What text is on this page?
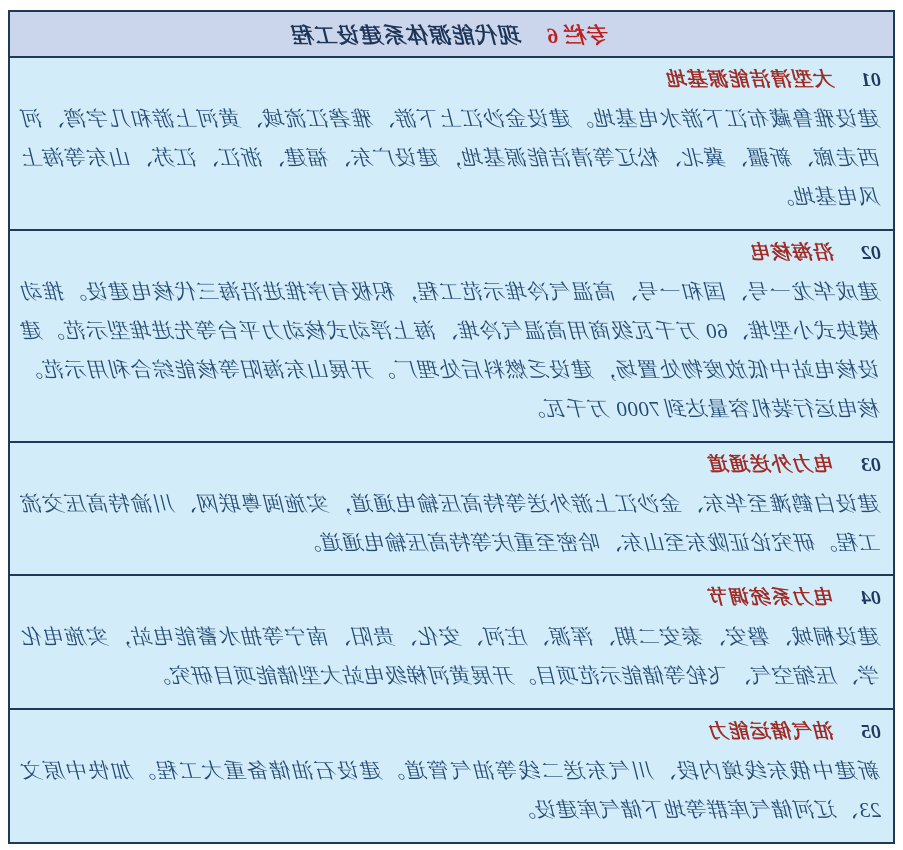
专栏 6
现代能源体系建设工程
01大型清洁能源基地

建设雅鲁藏布江下游水电基地。建设金沙江上下游、雅砻江流域、黄河上游和几字湾、河西走廊、新疆、冀北、松辽等清洁能源基地，建设广东、福建、浙江、江苏、山东等海上风电基地。

02沿海核电

建成华龙一号、国和一号、高温气冷堆示范工程，积极有序推进沿海三代核电建设。推动模块式小型堆、60 万千瓦级商用高温气冷堆、海上浮动式核动力平台等先进堆型示范。建设核电站中低放废物处置场，建设乏燃料后处理厂。开展山东海阳等核能综合利用示范。核电运行装机容量达到 7000 万千瓦。

03电力外送通道

建设白鹤滩至华东、金沙江上游外送等特高压输电通道，实施闽粤联网、川渝特高压交流工程。研究论证陇东至山东、哈密至重庆等特高压输电通道。

04电力系统调节

建设桐城、磐安、泰安二期、浑源、庄河、安化、贵阳、南宁等抽水蓄能电站，实施电化学、压缩空气、飞轮等储能示范项目。开展黄河梯级电站大型储能项目研究。

05油气储运能力

新建中俄东线境内段、川气东送二线等油气管道。建设石油储备重大工程。加快中原文 23、辽河储气库群等地下储气库建设。
